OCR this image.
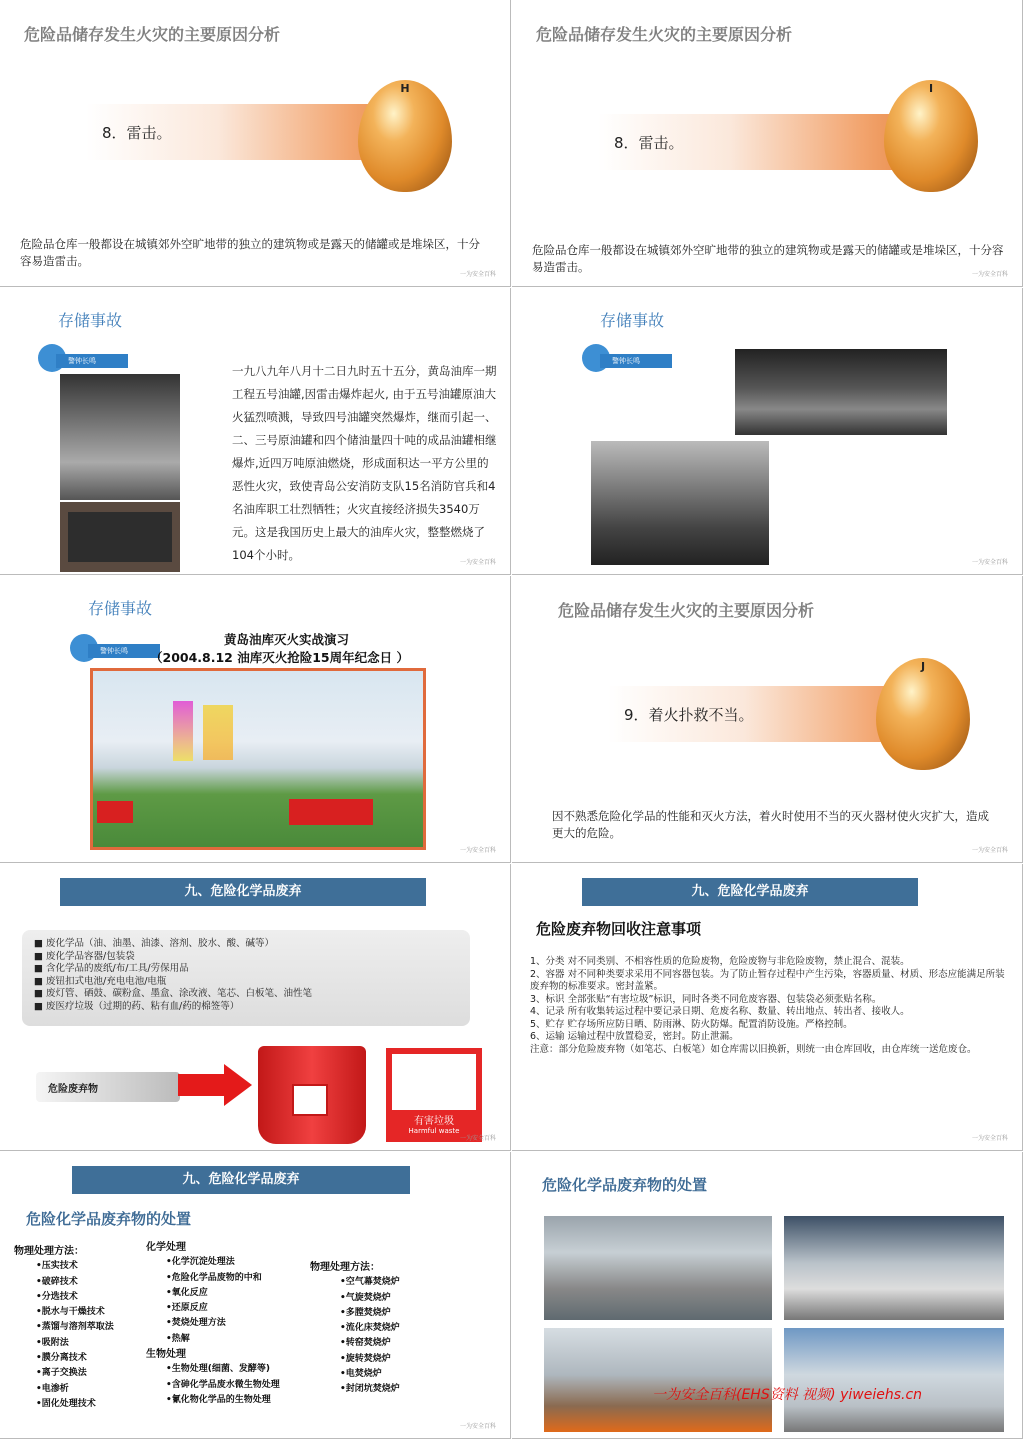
危险品储存发生火灾的主要原因分析
8．雷击。
H
危险品仓库一般都设在城镇郊外空旷地带的独立的建筑物或是露天的储罐或是堆垛区，十分容易造雷击。
一为安全百科
危险品储存发生火灾的主要原因分析
8．雷击。
I
危险品仓库一般都设在城镇郊外空旷地带的独立的建筑物或是露天的储罐或是堆垛区，十分容易造雷击。
一为安全百科
存储事故
警钟长鸣
一九八九年八月十二日九时五十五分，黄岛油库一期工程五号油罐,因雷击爆炸起火, 由于五号油罐原油大火猛烈喷溅，导致四号油罐突然爆炸，继而引起一、二、三号原油罐和四个储油量四十吨的成品油罐相继爆炸,近四万吨原油燃烧，形成面积达一平方公里的恶性火灾，致使青岛公安消防支队15名消防官兵和4名油库职工壮烈牺牲；火灾直接经济损失3540万元。这是我国历史上最大的油库火灾，整整燃烧了104个小时。
一为安全百科
存储事故
警钟长鸣
一为安全百科
存储事故
警钟长鸣
黄岛油库灭火实战演习
（2004.8.12 油库灭火抢险15周年纪念日 ）
一为安全百科
危险品储存发生火灾的主要原因分析
9．着火扑救不当。
J
因不熟悉危险化学品的性能和灭火方法，着火时使用不当的灭火器材使火灾扩大，造成更大的危险。
一为安全百科
九、危险化学品废弃
■ 废化学品（油、油墨、油漆、溶剂、胶水、酸、碱等）
■ 废化学品容器/包装袋
■ 含化学品的废纸/布/工具/劳保用品
■ 废钮扣式电池/充电电池/电瓶
■ 废灯管、硒鼓、碳粉盒、墨盒、涂改液、笔芯、白板笔、油性笔
■ 废医疗垃圾（过期的药、粘有血/药的棉签等）
危险废弃物
有害垃圾
Harmful waste
一为安全百科
九、危险化学品废弃
危险废弃物回收注意事项
1、分类 对不同类别、不相容性质的危险废物，危险废物与非危险废物，禁止混合、混装。
2、容器 对不同种类要求采用不同容器包装。为了防止暂存过程中产生污染，容器质量、材质、形态应能满足所装废弃物的标准要求。密封盖紧。
3、标识 全部张贴“有害垃圾”标识，同时各类不同危废容器、包装袋必须张贴名称。
4、记录 所有收集转运过程中要记录日期、危废名称、数量、转出地点、转出者、接收人。
5、贮存 贮存场所应防日晒、防雨淋、防火防爆。配置消防设施。严格控制。
6、运输 运输过程中放置稳妥，密封。防止泄漏。
注意：部分危险废弃物（如笔芯、白板笔）如仓库需以旧换新，则统一由仓库回收，由仓库统一送危废仓。
一为安全百科
九、危险化学品废弃
危险化学品废弃物的处置
物理处理方法：
•压实技术
•破碎技术
•分选技术
•脱水与干燥技术
•蒸馏与溶剂萃取法
•吸附法
•膜分离技术
•离子交换法
•电渗析
•固化处理技术
化学处理
•化学沉淀处理法
•危险化学品废物的中和
•氧化反应
•还原反应
•焚烧处理方法
•热解
生物处理
•生物处理(细菌、发酵等)
•含砷化学品废水微生物处理
•氰化物化学品的生物处理
物理处理方法：
•空气幕焚烧炉
•气旋焚烧炉
•多膛焚烧炉
•流化床焚烧炉
•转窑焚烧炉
•旋转焚烧炉
•电焚烧炉
•封闭坑焚烧炉
一为安全百科
危险化学品废弃物的处置
一为安全百科(EHS资料 视频) yiweiehs.cn
